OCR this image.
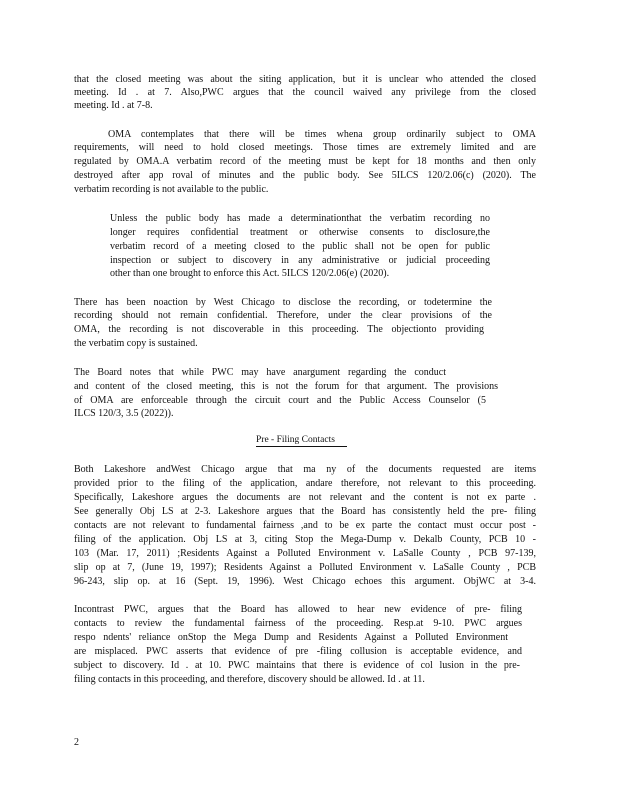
that the closed meeting was about the siting application, but it is unclear who attended the closed
meeting. Id . at 7. Also,PWC argues that the council waived any privilege from the closed
meeting. Id . at 7-8.
OMA contemplates that there will be times whena group ordinarily subject to OMA
requirements, will need to hold closed meetings. Those times are extremely limited and are
regulated by OMA.A verbatim record of the meeting must be kept for 18 months and then only
destroyed after app roval of minutes and the public body. See 5ILCS 120/2.06(c) (2020). The
verbatim recording is not available to the public.
Unless the public body has made a determinationthat the verbatim recording no
longer requires confidential treatment or otherwise consents to disclosure,the
verbatim record of a meeting closed to the public shall not be open for public
inspection or subject to discovery in any administrative or judicial proceeding
other than one brought to enforce this Act. 5ILCS 120/2.06(e) (2020).
There has been noaction by West Chicago to disclose the recording, or todetermine the
recording should not remain confidential. Therefore, under the clear provisions of the
OMA, the recording is not discoverable in this proceeding. The objectionto providing
the verbatim copy is sustained.
The Board notes that while PWC may have anargument regarding the conduct
and content of the closed meeting, this is not the forum for that argument. The provisions
of OMA are enforceable through the circuit court and the Public Access Counselor (5
ILCS 120/3, 3.5 (2022)).
Pre - Filing Contacts
Both Lakeshore andWest Chicago argue that ma ny of the documents requested are items
provided prior to the filing of the application, andare therefore, not relevant to this proceeding.
Specifically, Lakeshore argues the documents are not relevant and the content is not ex parte .
See generally Obj LS at 2-3. Lakeshore argues that the Board has consistently held the pre- filing
contacts are not relevant to fundamental fairness ,and to be ex parte the contact must occur post -
filing of the application. Obj LS at 3, citing Stop the Mega-Dump v. Dekalb County, PCB 10 -
103 (Mar. 17, 2011) ;Residents Against a Polluted Environment v. LaSalle County , PCB 97-139,
slip op at 7, (June 19, 1997); Residents Against a Polluted Environment v. LaSalle County , PCB
96-243, slip op. at 16 (Sept. 19, 1996). West Chicago echoes this argument. ObjWC at 3-4.
Incontrast PWC, argues that the Board has allowed to hear new evidence of pre- filing
contacts to review the fundamental fairness of the proceeding. Resp.at 9-10. PWC argues
respo ndents' reliance onStop the Mega Dump and Residents Against a Polluted Environment
are misplaced. PWC asserts that evidence of pre -filing collusion is acceptable evidence, and
subject to discovery. Id . at 10. PWC maintains that there is evidence of col lusion in the pre-
filing contacts in this proceeding, and therefore, discovery should be allowed. Id . at 11.
2
